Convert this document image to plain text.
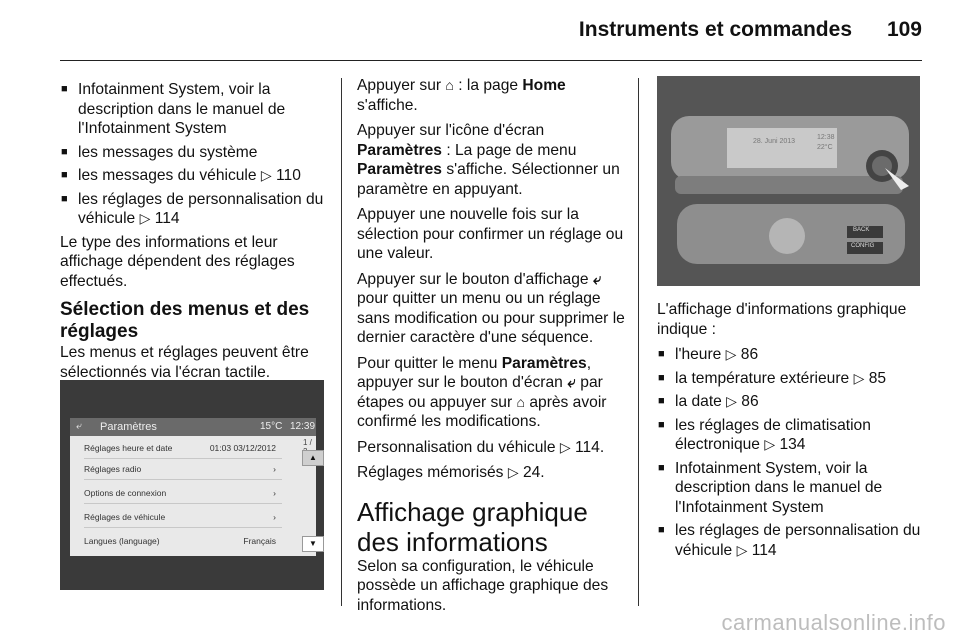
Instruments et commandes 109
■ Infotainment System, voir la description dans le manuel de l'Infotainment System
■ les messages du système
■ les messages du véhicule ▷ 110
■ les réglages de personnalisation du véhicule ▷ 114

Le type des informations et leur affichage dépendent des réglages effectués.

Sélection des menus et des réglages

Les menus et réglages peuvent être sélectionnés via l'écran tactile.

⤶ Paramètres	15°C 12:39
Réglages heure et date	01:03 03/12/2012
Réglages radio	›
Options de connexion	›
Réglages de véhicule	›
Langues (language)	Français
1 /
▲
▼

Appuyer sur ⌂ : la page Home s'affiche.

Appuyer sur l'icône d'écran Paramètres : La page de menu Paramètres s'affiche. Sélectionner un paramètre en appuyant.

Appuyer une nouvelle fois sur la sélection pour confirmer un réglage ou une valeur.

Appuyer sur le bouton d'affichage ⤶ pour quitter un menu ou un réglage sans modification ou pour supprimer le dernier caractère d'une séquence.

Pour quitter le menu Paramètres, appuyer sur le bouton d'écran ⤶ par étapes ou appuyer sur ⌂ après avoir confirmé les modifications.

Personnalisation du véhicule ▷ 114.

Réglages mémorisés ▷ 24.

Affichage graphique des informations

Selon sa configuration, le véhicule possède un affichage graphique des informations.

28. Juni 2013
12:38
22°C
BACK
CONFIG

L'affichage d'informations graphique indique :

■ l'heure ▷ 86
■ la température extérieure ▷ 85
■ la date ▷ 86
■ les réglages de climatisation électronique ▷ 134
■ Infotainment System, voir la description dans le manuel de l'Infotainment System
■ les réglages de personnalisation du véhicule ▷ 114
carmanualsonline.info
